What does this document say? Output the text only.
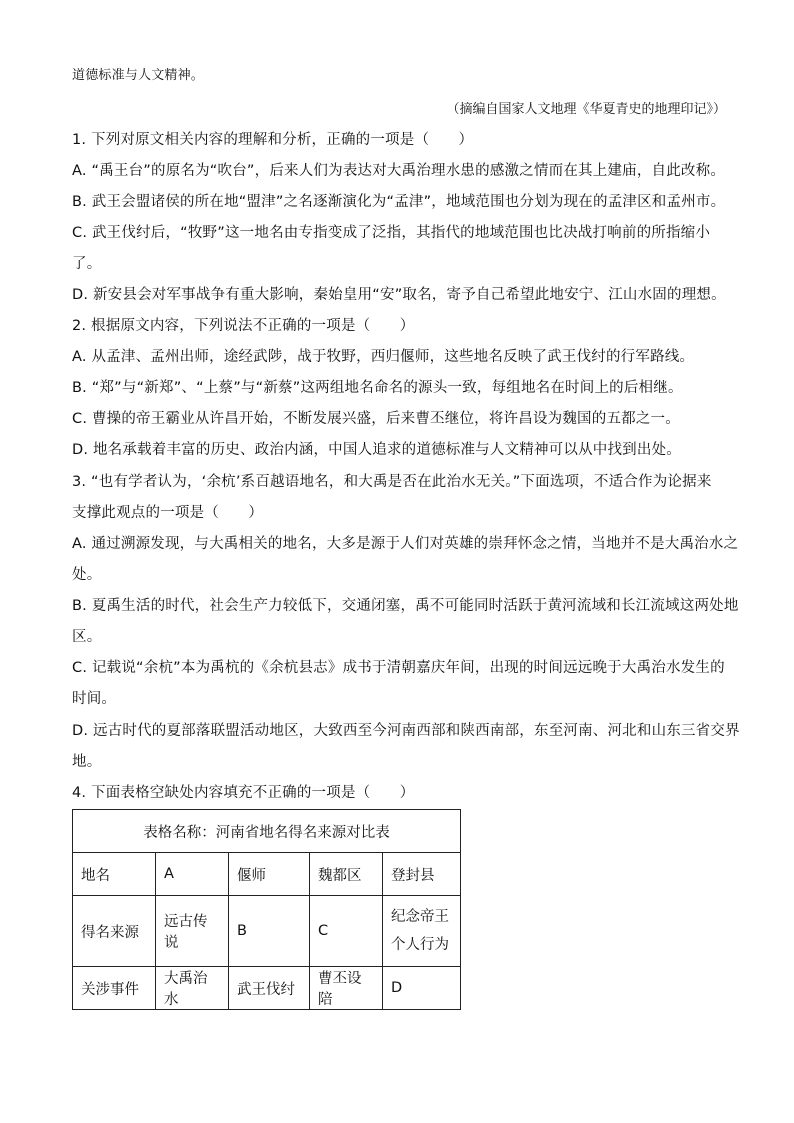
道德标准与人文精神。
（摘编自国家人文地理《华夏青史的地理印记》）
1. 下列对原文相关内容的理解和分析，正确的一项是（　　）
A. “禹王台”的原名为“吹台”，后来人们为表达对大禹治理水患的感激之情而在其上建庙，自此改称。
B. 武王会盟诸侯的所在地“盟津”之名逐渐演化为“孟津”，地域范围也分划为现在的孟津区和孟州市。
C. 武王伐纣后，“牧野”这一地名由专指变成了泛指，其指代的地域范围也比决战打响前的所指缩小
了。
D. 新安县会对军事战争有重大影响，秦始皇用“安”取名，寄予自己希望此地安宁、江山水固的理想。
2. 根据原文内容，下列说法不正确的一项是（　　）
A. 从孟津、孟州出师，途经武陟，战于牧野，西归偃师，这些地名反映了武王伐纣的行军路线。
B. “郑”与“新郑”、“上蔡”与“新蔡”这两组地名命名的源头一致，每组地名在时间上的后相继。
C. 曹操的帝王霸业从许昌开始，不断发展兴盛，后来曹丕继位，将许昌设为魏国的五都之一。
D. 地名承载着丰富的历史、政治内涵，中国人追求的道德标准与人文精神可以从中找到出处。
3. “也有学者认为，‘余杭’系百越语地名，和大禹是否在此治水无关。”下面选项，不适合作为论据来
支撑此观点的一项是（　　）
A. 通过溯源发现，与大禹相关的地名，大多是源于人们对英雄的崇拜怀念之情，当地并不是大禹治水之
处。
B. 夏禹生活的时代，社会生产力较低下，交通闭塞，禹不可能同时活跃于黄河流域和长江流域这两处地
区。
C. 记载说“余杭”本为禹杭的《余杭县志》成书于清朝嘉庆年间，出现的时间远远晚于大禹治水发生的
时间。
D. 远古时代的夏部落联盟活动地区，大致西至今河南西部和陕西南部，东至河南、河北和山东三省交界
地。
4. 下面表格空缺处内容填充不正确的一项是（　　）
表格名称：河南省地名得名来源对比表				
地名	A	偃师	魏都区	登封县
得名来源	远古传说	B	C	纪念帝王个人行为
关涉事件	大禹治水	武王伐纣	曹丕设陪	D
